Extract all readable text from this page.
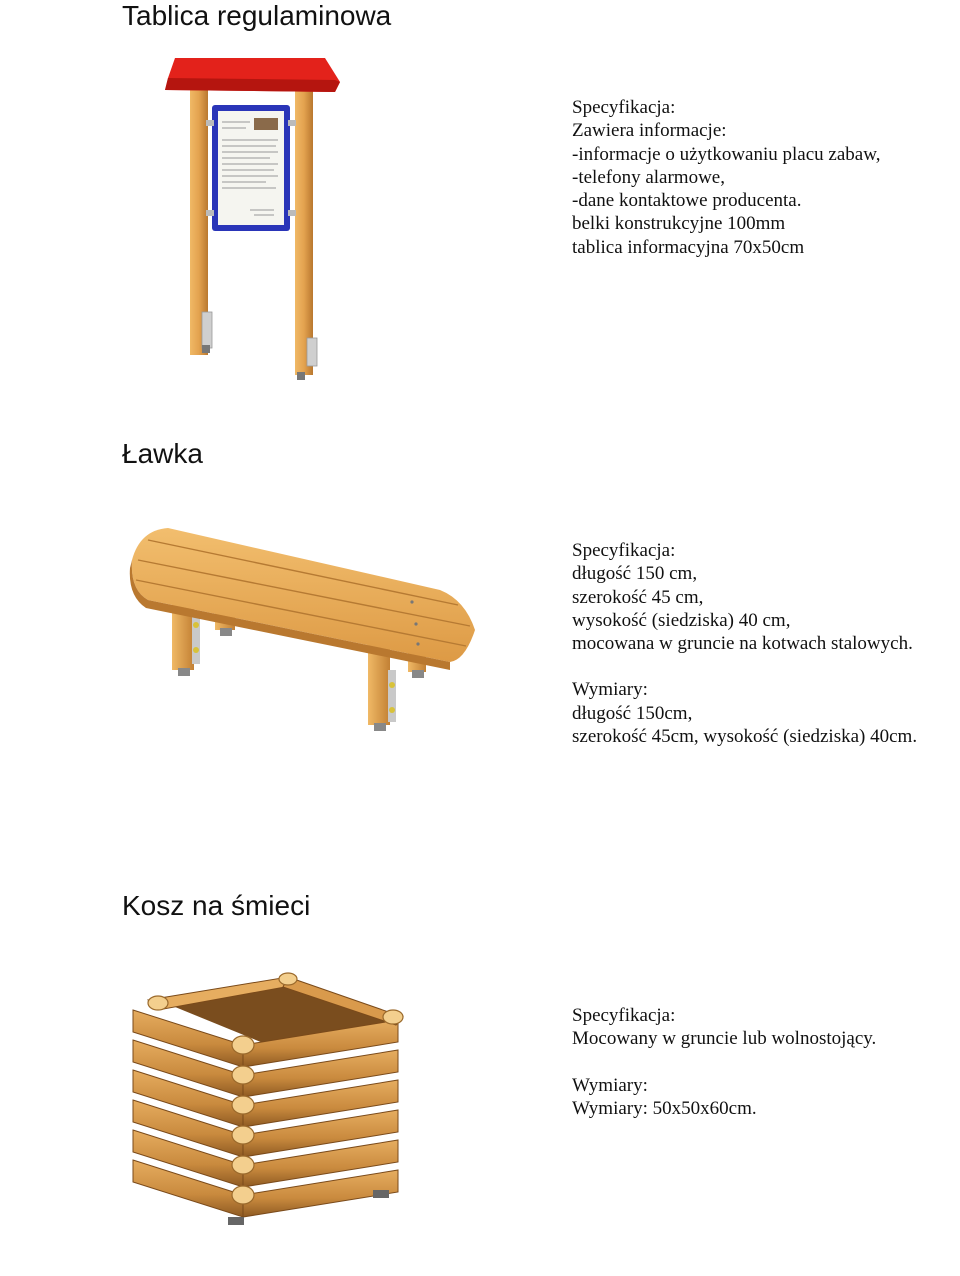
Tablica regulaminowa
Specyfikacja:
Zawiera informacje:
-informacje o użytkowaniu placu zabaw,
-telefony alarmowe,
-dane kontaktowe producenta.
belki konstrukcyjne 100mm
tablica informacyjna 70x50cm
Ławka
Specyfikacja:
długość 150 cm,
szerokość 45 cm,
wysokość (siedziska) 40 cm,
mocowana w gruncie na kotwach stalowych.
Wymiary:
długość 150cm,
szerokość 45cm, wysokość (siedziska) 40cm.
Kosz na śmieci
Specyfikacja:
Mocowany w gruncie lub wolnostojący.
Wymiary:
Wymiary: 50x50x60cm.
